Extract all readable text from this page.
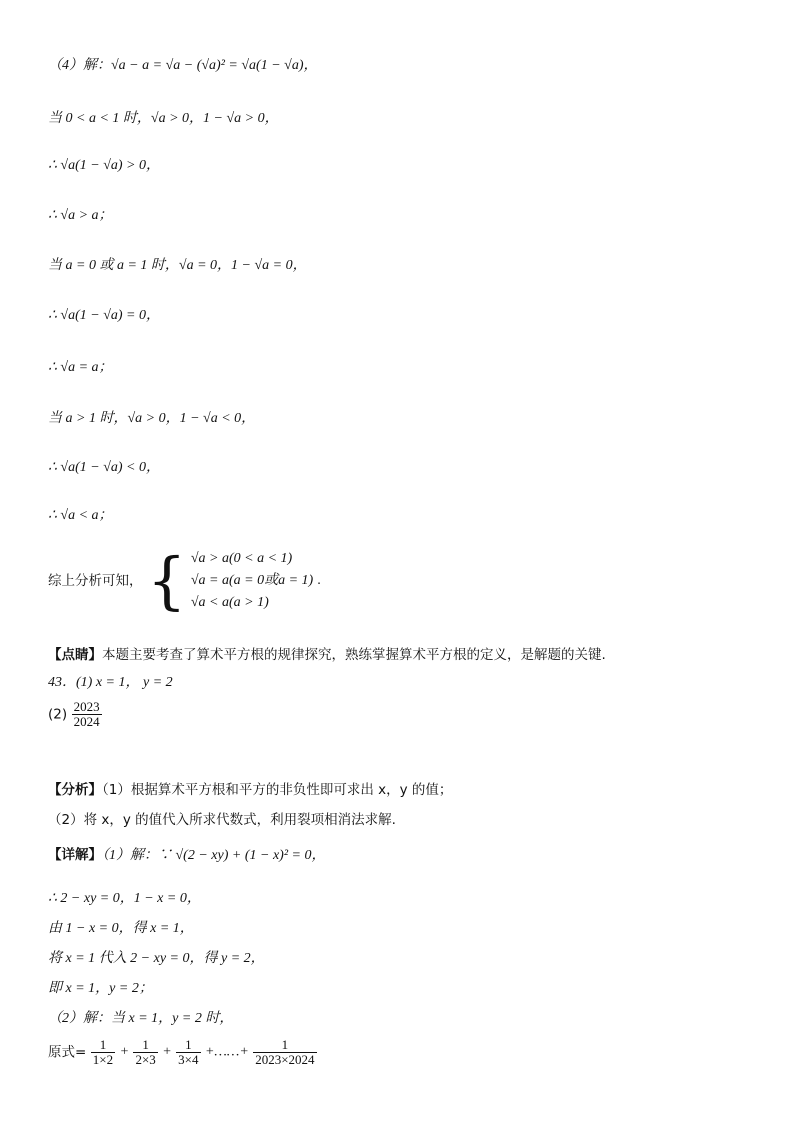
（4）解：√a − a = √a − (√a)² = √a(1 − √a)，
当 0 < a < 1 时，√a > 0，1 − √a > 0，
∴ √a(1 − √a) > 0，
∴ √a > a；
当 a = 0 或 a = 1 时，√a = 0，1 − √a = 0，
∴ √a(1 − √a) = 0，
∴ √a = a；
当 a > 1 时，√a > 0，1 − √a < 0，
∴ √a(1 − √a) < 0，
∴ √a < a；
综上分析可知， { √a > a(0 < a < 1)
√a = a(a = 0或a = 1)
√a < a(a > 1)
.
【点睛】本题主要考查了算术平方根的规律探究，熟练掌握算术平方根的定义，是解题的关键.
43．(1) x = 1， y = 2
$(2) \frac{2023}{2024}$
【分析】（1）根据算术平方根和平方的非负性即可求出 x，y 的值；
（2）将 x，y 的值代入所求代数式，利用裂项相消法求解.
【详解】（1）解：∵ √(2 − xy) + (1 − x)² = 0，
∴ 2 − xy = 0，1 − x = 0，
由 1 − x = 0，得 x = 1，
将 x = 1 代入 2 − xy = 0，得 y = 2，
即 x = 1，y = 2；
（2）解：当 x = 1，y = 2 时，
原式= $\frac{1}{1\times 2} + \frac{1}{2\times 3} + \frac{1}{3\times 4}$ +……+ $\frac{1}{2023\times 2024}$
